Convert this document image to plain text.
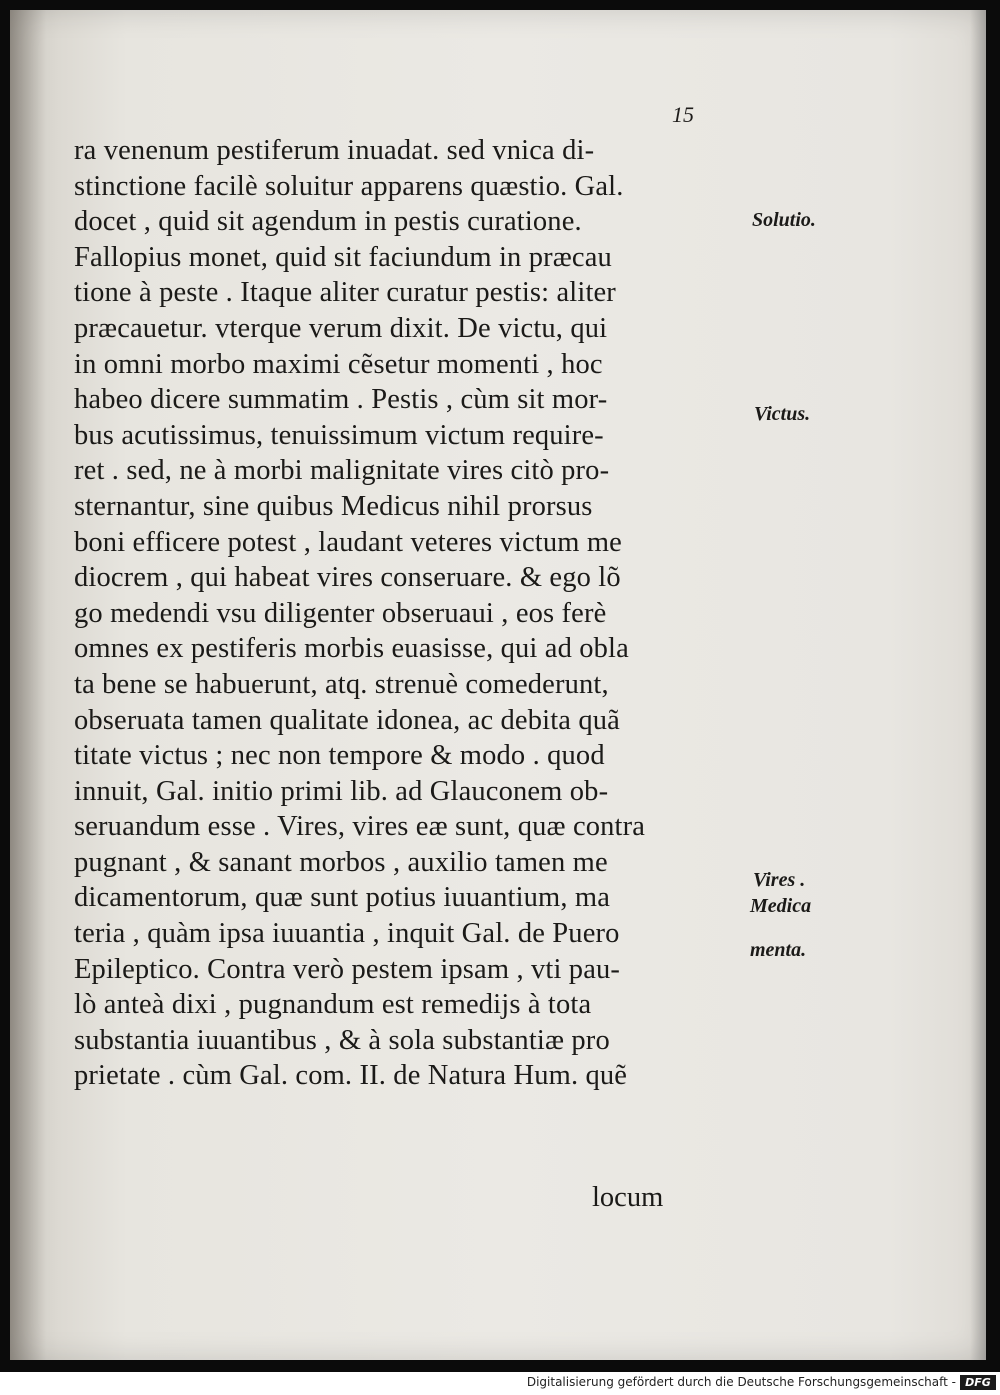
15

ra venenum pestiferum inuadat. sed vnica di-
stinctione facilè soluitur apparens quæstio. Gal.
docet , quid sit agendum in pestis curatione.
Fallopius monet, quid sit faciundum in præcau
tione à peste . Itaque aliter curatur pestis: aliter
præcauetur. vterque verum dixit. De victu, qui
in omni morbo maximi cẽsetur momenti , hoc
habeo dicere summatim . Pestis , cùm sit mor-
bus acutissimus, tenuissimum victum require-
ret . sed, ne à morbi malignitate vires citò pro-
sternantur, sine quibus Medicus nihil prorsus
boni efficere potest , laudant veteres victum me
diocrem , qui habeat vires conseruare. & ego lõ
go medendi vsu diligenter obseruaui , eos ferè
omnes ex pestiferis morbis euasisse, qui ad obla
ta bene se habuerunt, atq. strenuè comederunt,
obseruata tamen qualitate idonea, ac debita quã
titate victus ; nec non tempore & modo . quod
innuit, Gal. initio primi lib. ad Glauconem ob-
seruandum esse . Vires, vires eæ sunt, quæ contra
pugnant , & sanant morbos , auxilio tamen me
dicamentorum, quæ sunt potius iuuantium, ma
teria , quàm ipsa iuuantia , inquit Gal. de Puero
Epileptico. Contra verò pestem ipsam , vti pau-
lò anteà dixi , pugnandum est remedijs à tota
substantia iuuantibus , & à sola substantiæ pro
prietate . cùm Gal. com. II. de Natura Hum. quẽ

locum

Solutio.
Victus.
Vires .
Medica
menta.
Digitalisierung gefördert durch die Deutsche Forschungsgemeinschaft - DFG
